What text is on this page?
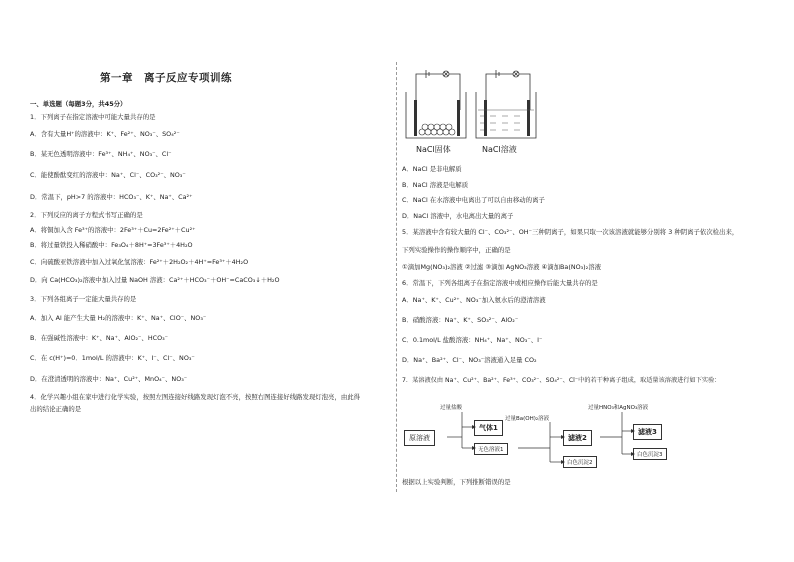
第一章　离子反应专项训练
一、单选题（每题3分，共45分）
1．下列离子在指定溶液中可能大量共存的是
A．含有大量H⁺的溶液中：K⁺、Fe²⁺、NO₃⁻、SO₄²⁻
B．某无色透明溶液中：Fe³⁺、NH₄⁺、NO₃⁻、Cl⁻
C．能使酚酞变红的溶液中：Na⁺、Cl⁻、CO₃²⁻、NO₃⁻
D．常温下，pH>7 的溶液中：HCO₃⁻、K⁺、Na⁺、Ca²⁺
2．下列反应的离子方程式书写正确的是
A．将铜加入含 Fe³⁺的溶液中：2Fe³⁺＋Cu=2Fe²⁺＋Cu²⁺
B．将过量铁投入稀硝酸中：Fe₃O₄＋8H⁺=3Fe³⁺＋4H₂O
C．向硫酸亚铁溶液中加入过氧化氢溶液：Fe²⁺＋2H₂O₂＋4H⁺=Fe³⁺＋4H₂O
D．向 Ca(HCO₃)₂溶液中加入过量 NaOH 溶液：Ca²⁺＋HCO₃⁻＋OH⁻=CaCO₃↓＋H₂O
3．下列各组离子一定能大量共存的是
A．加入 Al 能产生大量 H₂的溶液中：K⁺、Na⁺、ClO⁻、NO₃⁻
B．在强碱性溶液中：K⁺、Na⁺、AlO₂⁻、HCO₃⁻
C．在 c(H⁺)=0．1mol/L 的溶液中：K⁺、I⁻、Cl⁻、NO₃⁻
D．在澄清透明的溶液中：Na⁺、Cu²⁺、MnO₄⁻、NO₃⁻
4．化学兴趣小组在家中进行化学实验，按照左图连接好线路发现灯泡不亮，按照右图连接好线路发现灯泡亮，由此得
出的结论正确的是
NaCl固体	NaCl溶液
A．NaCl 是非电解质
B．NaCl 溶液是电解质
C．NaCl 在水溶液中电离出了可以自由移动的离子
D．NaCl 溶液中，水电离出大量的离子
5．某溶液中含有较大量的 Cl⁻、CO₃²⁻、OH⁻三种阴离子，如果只取一次该溶液就能够分别将 3 种阴离子依次检出来，
下列实验操作的操作顺序中，正确的是
①滴加Mg(NO₃)₂溶液 ②过滤 ③滴加 AgNO₃溶液 ④滴加Ba(NO₃)₂溶液
6．常温下，下列各组离子在指定溶液中或相应操作后能大量共存的是
A．Na⁺、K⁺、Cu²⁺、NO₃⁻加入氨水后的澄清溶液
B．硝酸溶液：Na⁺、K⁺、SO₃²⁻、AlO₂⁻
C．0.1mol/L 盐酸溶液：NH₄⁺、Na⁺、NO₃⁻、I⁻
D．Na⁺、Ba²⁺、Cl⁻、NO₃⁻溶液通入足量 CO₂
7．某溶液仅由 Na⁺、Cu²⁺、Ba²⁺、Fe³⁺、CO₃²⁻、SO₄²⁻、Cl⁻中的若干种离子组成，取适量该溶液进行如下实验：
过量盐酸
过量Ba(OH)₂溶液
过量HNO₃和AgNO₃溶液
原溶液
气体1
无色溶液1
滤液2
白色沉淀2
滤液3
白色沉淀3
根据以上实验判断，下列推断错误的是
